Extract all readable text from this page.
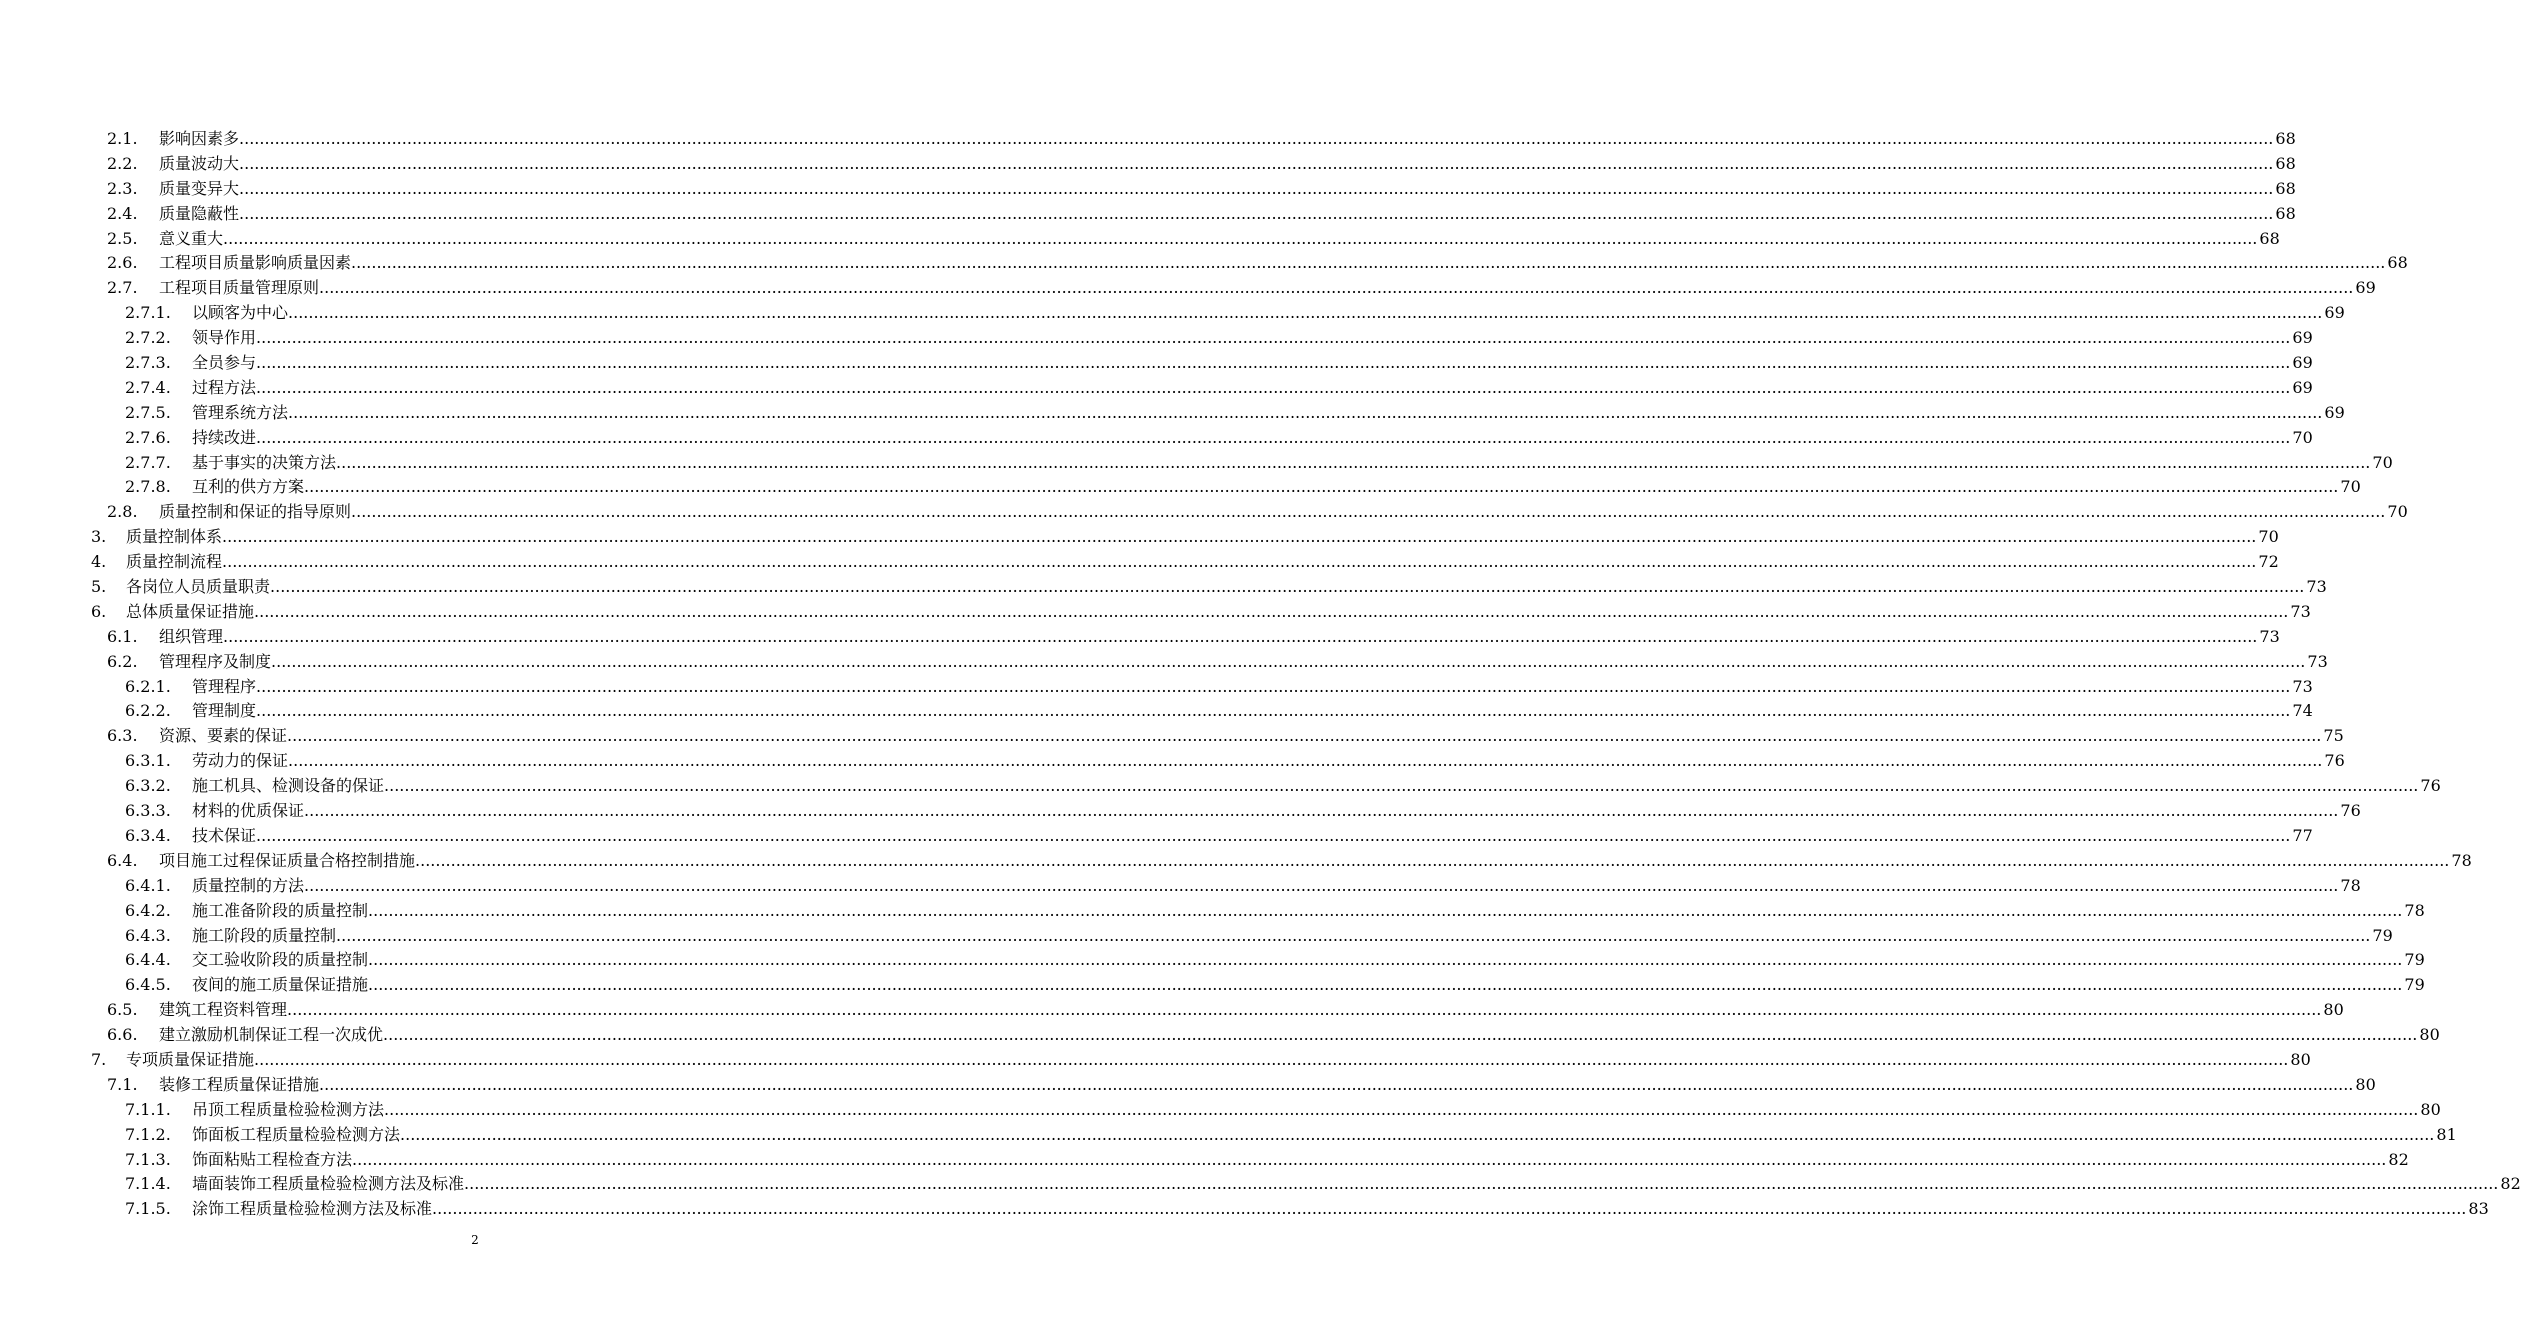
2.1. 影响因素多 ................................................................................................................................................................................................................................................................................................................................................................................................................ 68
2.2. 质量波动大 ................................................................................................................................................................................................................................................................................................................................................................................................................ 68
2.3. 质量变异大 ................................................................................................................................................................................................................................................................................................................................................................................................................ 68
2.4. 质量隐蔽性 ................................................................................................................................................................................................................................................................................................................................................................................................................ 68
2.5. 意义重大 ................................................................................................................................................................................................................................................................................................................................................................................................................ 68
2.6. 工程项目质量影响质量因素 ................................................................................................................................................................................................................................................................................................................................................................................................................ 68
2.7. 工程项目质量管理原则 ................................................................................................................................................................................................................................................................................................................................................................................................................ 69
2.7.1. 以顾客为中心 ................................................................................................................................................................................................................................................................................................................................................................................................................ 69
2.7.2. 领导作用 ................................................................................................................................................................................................................................................................................................................................................................................................................ 69
2.7.3. 全员参与 ................................................................................................................................................................................................................................................................................................................................................................................................................ 69
2.7.4. 过程方法 ................................................................................................................................................................................................................................................................................................................................................................................................................ 69
2.7.5. 管理系统方法 ................................................................................................................................................................................................................................................................................................................................................................................................................ 69
2.7.6. 持续改进 ................................................................................................................................................................................................................................................................................................................................................................................................................ 70
2.7.7. 基于事实的决策方法 ................................................................................................................................................................................................................................................................................................................................................................................................................ 70
2.7.8. 互利的供方方案 ................................................................................................................................................................................................................................................................................................................................................................................................................ 70
2.8. 质量控制和保证的指导原则 ................................................................................................................................................................................................................................................................................................................................................................................................................ 70
3. 质量控制体系 ................................................................................................................................................................................................................................................................................................................................................................................................................ 70
4. 质量控制流程 ................................................................................................................................................................................................................................................................................................................................................................................................................ 72
5. 各岗位人员质量职责 ................................................................................................................................................................................................................................................................................................................................................................................................................ 73
6. 总体质量保证措施 ................................................................................................................................................................................................................................................................................................................................................................................................................ 73
6.1. 组织管理 ................................................................................................................................................................................................................................................................................................................................................................................................................ 73
6.2. 管理程序及制度 ................................................................................................................................................................................................................................................................................................................................................................................................................ 73
6.2.1. 管理程序 ................................................................................................................................................................................................................................................................................................................................................................................................................ 73
6.2.2. 管理制度 ................................................................................................................................................................................................................................................................................................................................................................................................................ 74
6.3. 资源、要素的保证 ................................................................................................................................................................................................................................................................................................................................................................................................................ 75
6.3.1. 劳动力的保证 ................................................................................................................................................................................................................................................................................................................................................................................................................ 76
6.3.2. 施工机具、检测设备的保证 ................................................................................................................................................................................................................................................................................................................................................................................................................ 76
6.3.3. 材料的优质保证 ................................................................................................................................................................................................................................................................................................................................................................................................................ 76
6.3.4. 技术保证 ................................................................................................................................................................................................................................................................................................................................................................................................................ 77
6.4. 项目施工过程保证质量合格控制措施 ................................................................................................................................................................................................................................................................................................................................................................................................................ 78
6.4.1. 质量控制的方法 ................................................................................................................................................................................................................................................................................................................................................................................................................ 78
6.4.2. 施工准备阶段的质量控制 ................................................................................................................................................................................................................................................................................................................................................................................................................ 78
6.4.3. 施工阶段的质量控制 ................................................................................................................................................................................................................................................................................................................................................................................................................ 79
6.4.4. 交工验收阶段的质量控制 ................................................................................................................................................................................................................................................................................................................................................................................................................ 79
6.4.5. 夜间的施工质量保证措施 ................................................................................................................................................................................................................................................................................................................................................................................................................ 79
6.5. 建筑工程资料管理 ................................................................................................................................................................................................................................................................................................................................................................................................................ 80
6.6. 建立激励机制保证工程一次成优 ................................................................................................................................................................................................................................................................................................................................................................................................................ 80
7. 专项质量保证措施 ................................................................................................................................................................................................................................................................................................................................................................................................................ 80
7.1. 装修工程质量保证措施 ................................................................................................................................................................................................................................................................................................................................................................................................................ 80
7.1.1. 吊顶工程质量检验检测方法 ................................................................................................................................................................................................................................................................................................................................................................................................................ 80
7.1.2. 饰面板工程质量检验检测方法 ................................................................................................................................................................................................................................................................................................................................................................................................................ 81
7.1.3. 饰面粘贴工程检查方法 ................................................................................................................................................................................................................................................................................................................................................................................................................ 82
7.1.4. 墙面装饰工程质量检验检测方法及标准 ................................................................................................................................................................................................................................................................................................................................................................................................................ 82
7.1.5. 涂饰工程质量检验检测方法及标准 ................................................................................................................................................................................................................................................................................................................................................................................................................ 83
2
